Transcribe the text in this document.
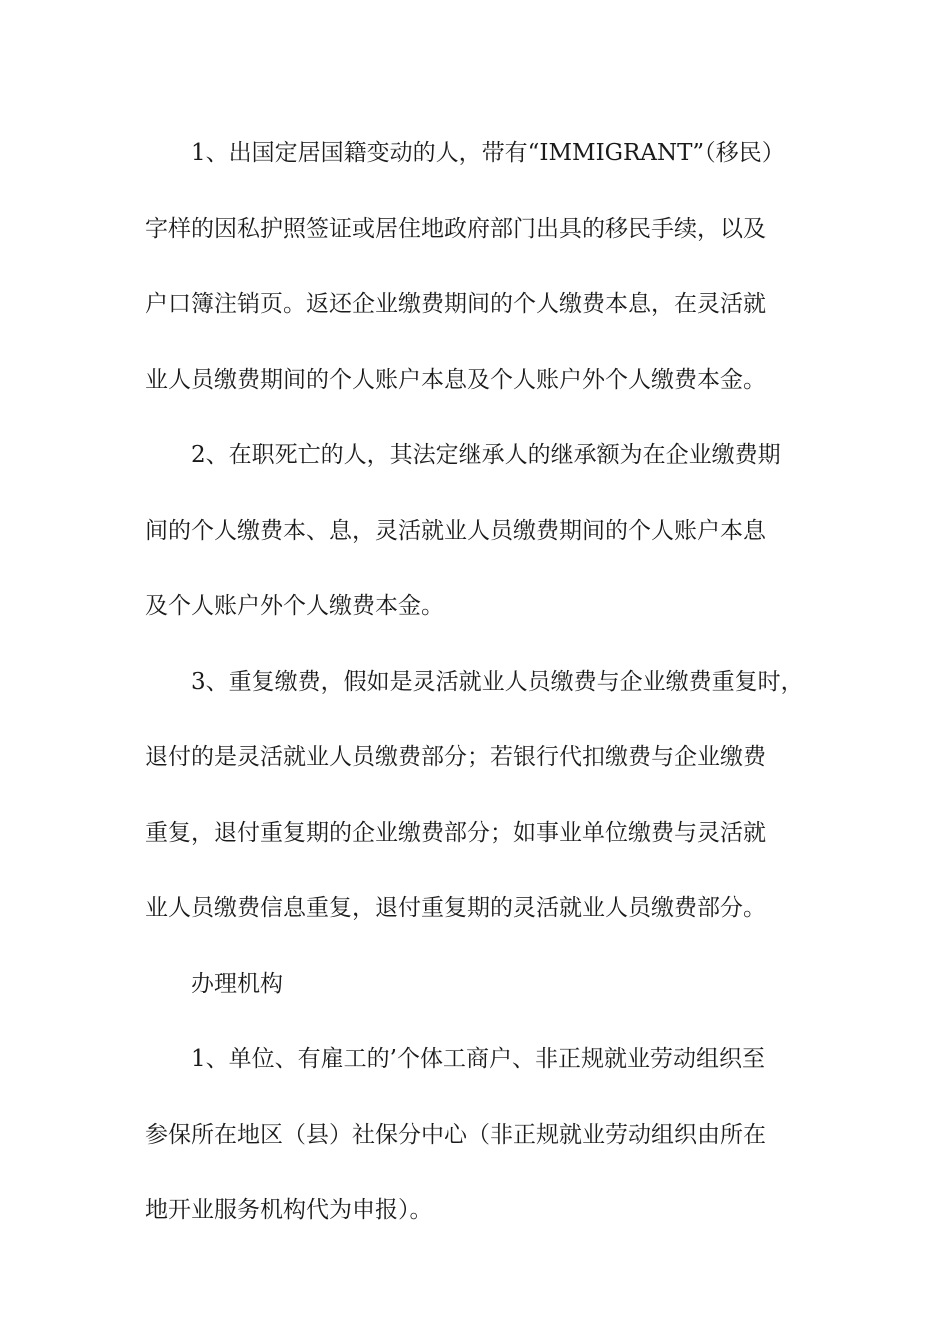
1、出国定居国籍变动的人，带有“IMMIGRANT”（移民）
字样的因私护照签证或居住地政府部门出具的移民手续，以及
户口簿注销页。返还企业缴费期间的个人缴费本息，在灵活就
业人员缴费期间的个人账户本息及个人账户外个人缴费本金。
2、在职死亡的人，其法定继承人的继承额为在企业缴费期
间的个人缴费本、息，灵活就业人员缴费期间的个人账户本息
及个人账户外个人缴费本金。
3、重复缴费，假如是灵活就业人员缴费与企业缴费重复时，
退付的是灵活就业人员缴费部分；若银行代扣缴费与企业缴费
重复，退付重复期的企业缴费部分；如事业单位缴费与灵活就
业人员缴费信息重复，退付重复期的灵活就业人员缴费部分。
办理机构
1、单位、有雇工的’个体工商户、非正规就业劳动组织至
参保所在地区（县）社保分中心（非正规就业劳动组织由所在
地开业服务机构代为申报）。
